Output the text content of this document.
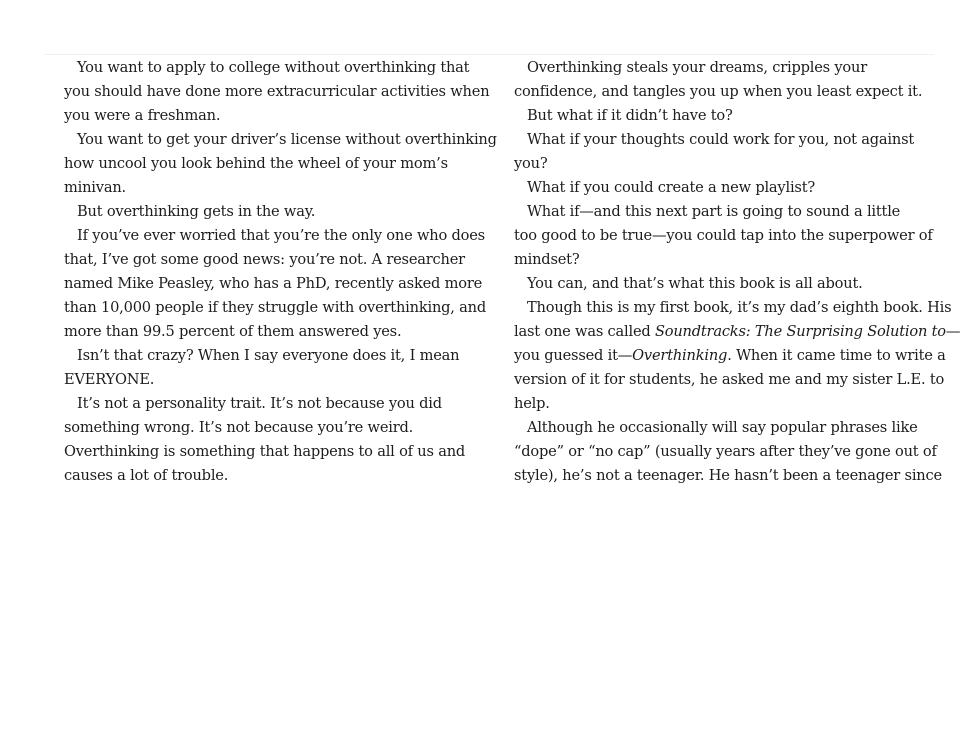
You want to apply to college without overthinking that
you should have done more extracurricular activities when
you were a freshman.
You want to get your driver’s license without overthinking
how uncool you look behind the wheel of your mom’s
minivan.
But overthinking gets in the way.
If you’ve ever worried that you’re the only one who does
that, I’ve got some good news: you’re not. A researcher
named Mike Peasley, who has a PhD, recently asked more
than 10,000 people if they struggle with overthinking, and
more than 99.5 percent of them answered yes.
Isn’t that crazy? When I say everyone does it, I mean
EVERYONE.
It’s not a personality trait. It’s not because you did
something wrong. It’s not because you’re weird.
Overthinking is something that happens to all of us and
causes a lot of trouble.
Overthinking steals your dreams, cripples your
confidence, and tangles you up when you least expect it.
But what if it didn’t have to?
What if your thoughts could work for you, not against
you?
What if you could create a new playlist?
What if—and this next part is going to sound a little
too good to be true—you could tap into the superpower of
mindset?
You can, and that’s what this book is all about.
Though this is my first book, it’s my dad’s eighth book. His
last one was called Soundtracks: The Surprising Solution to—
you guessed it—Overthinking. When it came time to write a
version of it for students, he asked me and my sister L.E. to
help.
Although he occasionally will say popular phrases like
“dope” or “no cap” (usually years after they’ve gone out of
style), he’s not a teenager. He hasn’t been a teenager since
